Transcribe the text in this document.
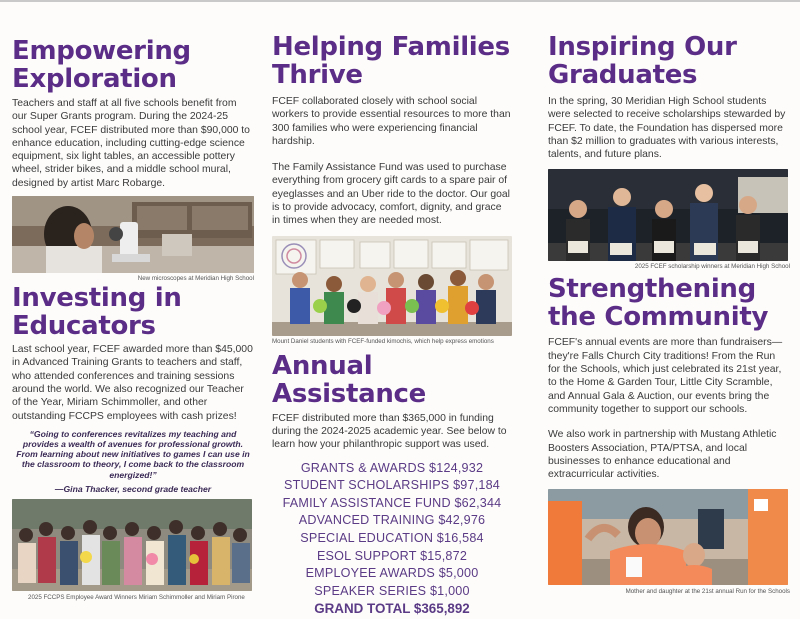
Empowering Exploration

Teachers and staff at all five schools benefit from our Super Grants program. During the 2024-25 school year, FCEF distributed more than $90,000 to enhance education, including cutting-edge science equipment, six light tables, an accessible pottery wheel, strider bikes, and a middle school mural, designed by artist Marc Robarge.

New microscopes at Meridian High School
Investing in Educators

Last school year, FCEF awarded more than $45,000 in Advanced Training Grants to teachers and staff, who attended conferences and training sessions around the world. We also recognized our Teacher of the Year, Miriam Schimmoller, and other outstanding FCCPS employees with cash prizes!

“Going to conferences revitalizes my teaching and provides a wealth of avenues for professional growth. From learning about new initiatives to games I can use in the classroom to theory, I come back to the classroom energized!”
—Gina Thacker, second grade teacher
2025 FCCPS Employee Award Winners Miriam Schimmoller and Miriam Pirone
Helping Families Thrive

FCEF collaborated closely with school social workers to provide essential resources to more than 300 families who were experiencing financial hardship.

The Family Assistance Fund was used to purchase everything from grocery gift cards to a spare pair of eyeglasses and an Uber ride to the doctor. Our goal is to provide advocacy, comfort, dignity, and grace in times when they are needed most.

Mount Daniel students with FCEF-funded kimochis, which help express emotions
Annual Assistance

FCEF distributed more than $365,000 in funding during the 2024-2025 academic year. See below to learn how your philanthropic support was used.

GRANTS & AWARDS $124,932
STUDENT SCHOLARSHIPS $97,184
FAMILY ASSISTANCE FUND $62,344
ADVANCED TRAINING $42,976
SPECIAL EDUCATION $16,584
ESOL SUPPORT $15,872
EMPLOYEE AWARDS $5,000
SPEAKER SERIES $1,000
GRAND TOTAL $365,892
Inspiring Our Graduates

In the spring, 30 Meridian High School students were selected to receive scholarships stewarded by FCEF. To date, the Foundation has dispersed more than $2 million to graduates with various interests, talents, and future plans.

2025 FCEF scholarship winners at Meridian High School
Strengthening the Community

FCEF's annual events are more than fundraisers— they're Falls Church City traditions! From the Run for the Schools, which just celebrated its 21st year, to the Home & Garden Tour, Little City Scramble, and Annual Gala & Auction, our events bring the community together to support our schools.

We also work in partnership with Mustang Athletic Boosters Association, PTA/PTSA, and local businesses to enhance educational and extracurricular activities.

Mother and daughter at the 21st annual Run for the Schools
